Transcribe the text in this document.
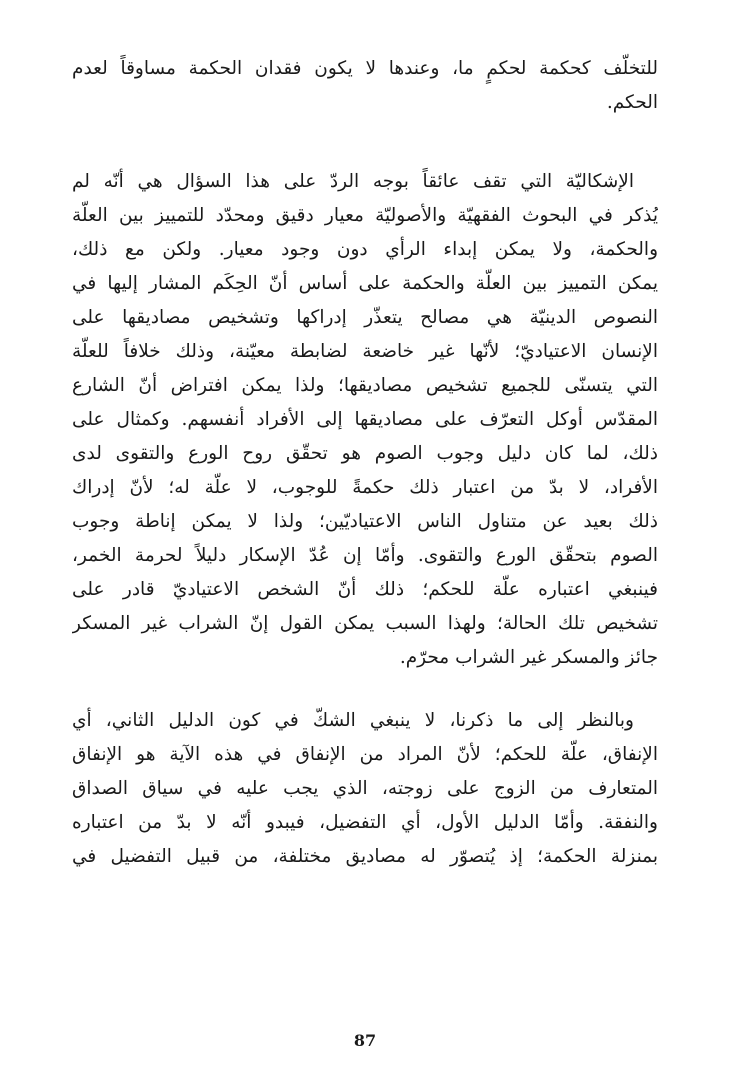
للتخلّف كحكمة لحكمٍ ما، وعندها لا يكون فقدان الحكمة مساوقاً لعدم
الحكم.
الإشكاليّة التي تقف عائقاً بوجه الردّ على هذا السؤال هي أنّه لم
يُذكر في البحوث الفقهيّة والأصوليّة معيار دقيق ومحدّد للتمييز بين العلّة
والحكمة، ولا يمكن إبداء الرأي دون وجود معيار. ولكن مع ذلك،
يمكن التمييز بين العلّة والحكمة على أساس أنّ الحِكَم المشار إليها في
النصوص الدينيّة هي مصالح يتعذّر إدراكها وتشخيص مصاديقها على
الإنسان الاعتياديّ؛ لأنّها غير خاضعة لضابطة معيّنة، وذلك خلافاً للعلّة
التي يتسنّى للجميع تشخيص مصاديقها؛ ولذا يمكن افتراض أنّ الشارع
المقدّس أوكل التعرّف على مصاديقها إلى الأفراد أنفسهم. وكمثال على
ذلك، لما كان دليل وجوب الصوم هو تحقّق روح الورع والتقوى لدى
الأفراد، لا بدّ من اعتبار ذلك حكمةً للوجوب، لا علّة له؛ لأنّ إدراك
ذلك بعيد عن متناول الناس الاعتياديّين؛ ولذا لا يمكن إناطة وجوب
الصوم بتحقّق الورع والتقوى. وأمّا إن عُدّ الإسكار دليلاً لحرمة الخمر،
فينبغي اعتباره علّة للحكم؛ ذلك أنّ الشخص الاعتياديّ قادر على
تشخيص تلك الحالة؛ ولهذا السبب يمكن القول إنّ الشراب غير المسكر
جائز والمسكر غير الشراب محرّم.
وبالنظر إلى ما ذكرنا، لا ينبغي الشكّ في كون الدليل الثاني، أي
الإنفاق، علّة للحكم؛ لأنّ المراد من الإنفاق في هذه الآية هو الإنفاق
المتعارف من الزوج على زوجته، الذي يجب عليه في سياق الصداق
والنفقة. وأمّا الدليل الأول، أي التفضيل، فيبدو أنّه لا بدّ من اعتباره
بمنزلة الحكمة؛ إذ يُتصوّر له مصاديق مختلفة، من قبيل التفضيل في
87
